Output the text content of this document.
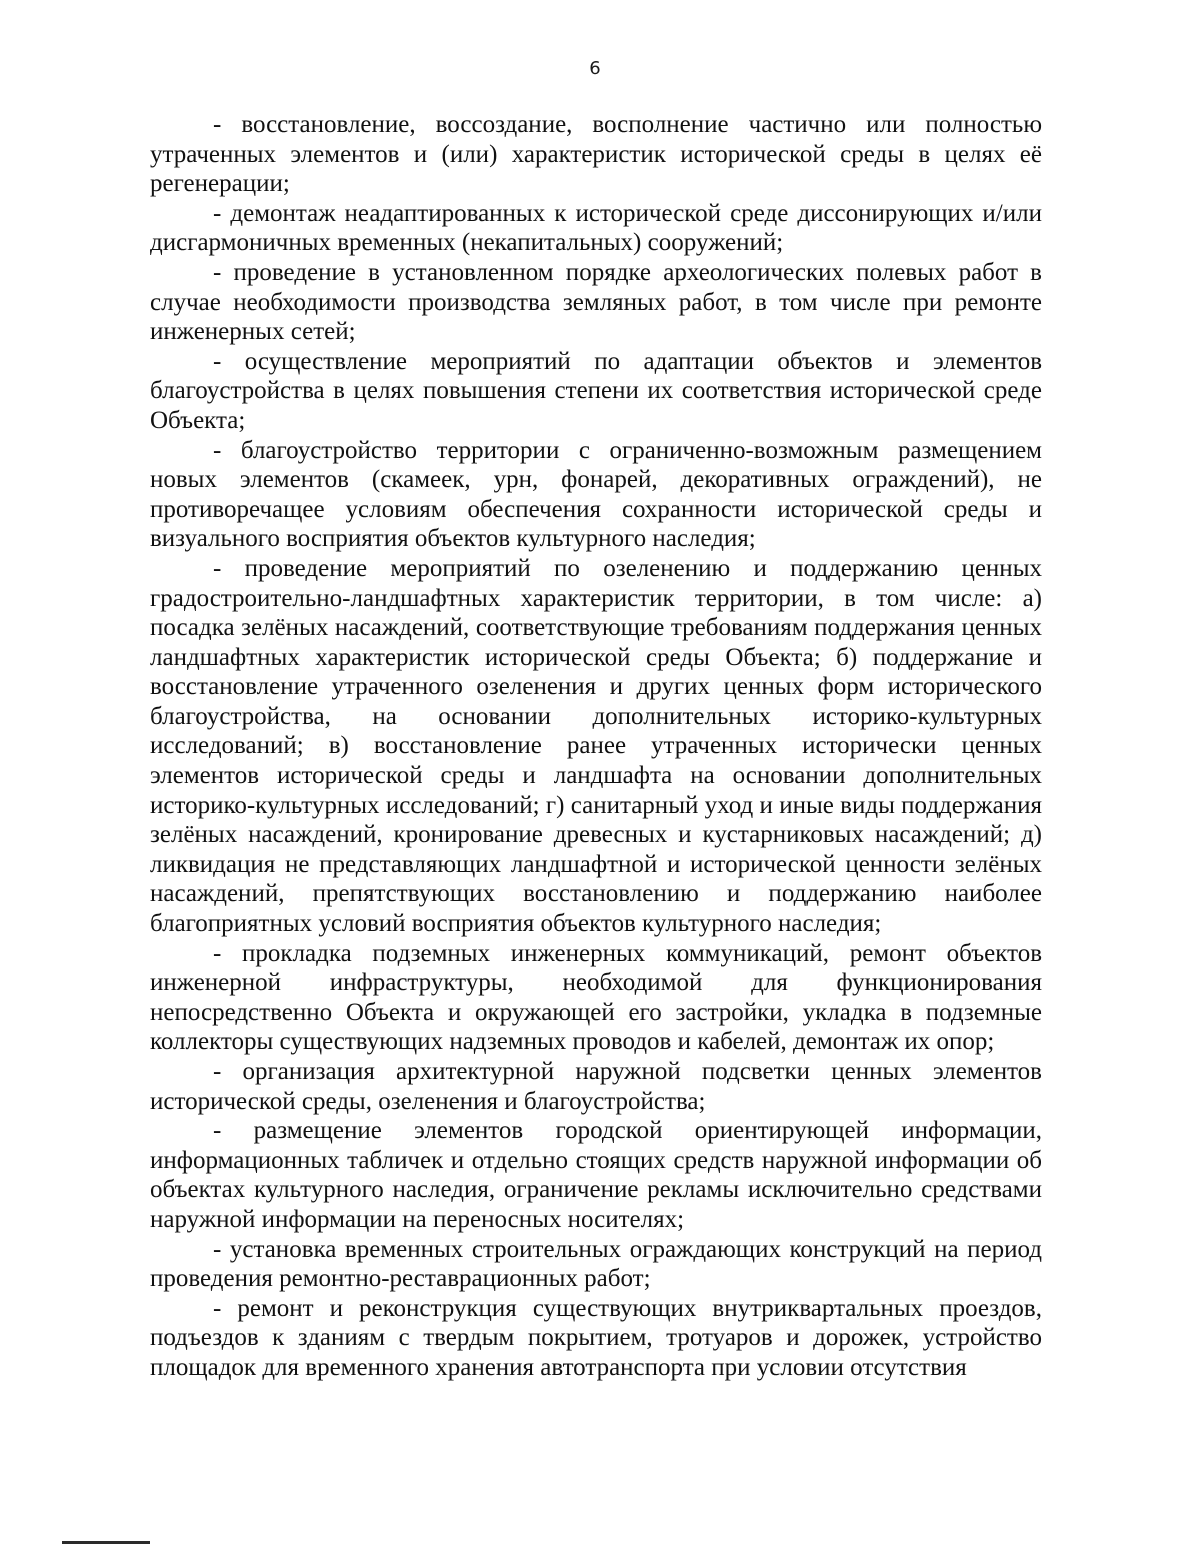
6

- восстановление, воссоздание, восполнение частично или полностью утраченных элементов и (или) характеристик исторической среды в целях её регенерации;

- демонтаж неадаптированных к исторической среде диссонирующих и/или дисгармоничных временных (некапитальных) сооружений;

- проведение в установленном порядке археологических полевых работ в случае необходимости производства земляных работ, в том числе при ремонте инженерных сетей;

- осуществление мероприятий по адаптации объектов и элементов благоустройства в целях повышения степени их соответствия исторической среде Объекта;

- благоустройство территории с ограниченно-возможным размещением новых элементов (скамеек, урн, фонарей, декоративных ограждений), не противоречащее условиям обеспечения сохранности исторической среды и визуального восприятия объектов культурного наследия;

- проведение мероприятий по озеленению и поддержанию ценных градостроительно-ландшафтных характеристик территории, в том числе: а) посадка зелёных насаждений, соответствующие требованиям поддержания ценных ландшафтных характеристик исторической среды Объекта; б) поддержание и восстановление утраченного озеленения и других ценных форм исторического благоустройства, на основании дополнительных историко-культурных исследований; в) восстановление ранее утраченных исторически ценных элементов исторической среды и ландшафта на основании дополнительных историко-культурных исследований; г) санитарный уход и иные виды поддержания зелёных насаждений, кронирование древесных и кустарниковых насаждений; д) ликвидация не представляющих ландшафтной и исторической ценности зелёных насаждений, препятствующих восстановлению и поддержанию наиболее благоприятных условий восприятия объектов культурного наследия;

- прокладка подземных инженерных коммуникаций, ремонт объектов инженерной инфраструктуры, необходимой для функционирования непосредственно Объекта и окружающей его застройки, укладка в подземные коллекторы существующих надземных проводов и кабелей, демонтаж их опор;

- организация архитектурной наружной подсветки ценных элементов исторической среды, озеленения и благоустройства;

- размещение элементов городской ориентирующей информации, информационных табличек и отдельно стоящих средств наружной информации об объектах культурного наследия, ограничение рекламы исключительно средствами наружной информации на переносных носителях;

- установка временных строительных ограждающих конструкций на период проведения ремонтно-реставрационных работ;

- ремонт и реконструкция существующих внутриквартальных проездов, подъездов к зданиям с твердым покрытием, тротуаров и дорожек, устройство площадок для временного хранения автотранспорта при условии отсутствия
